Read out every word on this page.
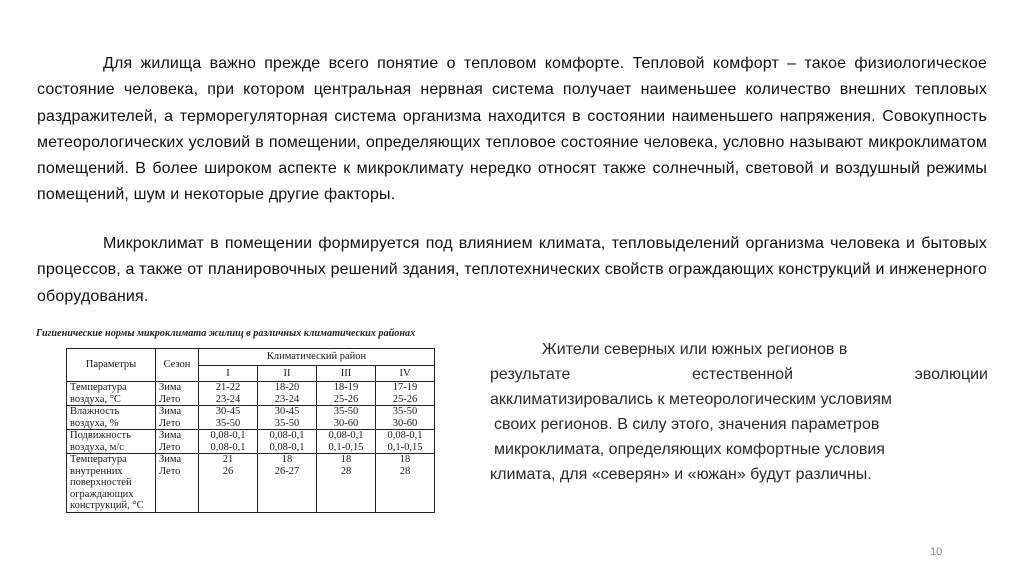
Для жилища важно прежде всего понятие о тепловом комфорте. Тепловой комфорт – такое физиологическое состояние человека, при котором центральная нервная система получает наименьшее количество внешних тепловых раздражителей, а терморегуляторная система организма находится в состоянии наименьшего напряжения. Совокупность метеорологических условий в помещении, определяющих тепловое состояние человека, условно называют микроклиматом помещений. В более широком аспекте к микроклимату нередко относят также солнечный, световой и воздушный режимы помещений, шум и некоторые другие факторы.

Микроклимат в помещении формируется под влиянием климата, тепловыделений организма человека и бытовых процессов, а также от планировочных решений здания, теплотехнических свойств ограждающих конструкций и инженерного оборудования.

Гигиенические нормы микроклимата жилищ в различных климатических районах
Параметры	Сезон	Климатический район			
		I	II	III	IV
Температура	Зима	21-22	18-20	18-19	17-19
воздуха, °С	Лето	23-24	23-24	25-26	25-26
Влажность	Зима	30-45	30-45	35-50	35-50
воздуха, %	Лето	35-50	35-50	30-60	30-60
Подвижность	Зима	0,08-0,1	0,08-0,1	0,08-0,1	0,08-0,1
воздуха, м/с	Лето	0,08-0,1	0,08-0,1	0,1-0,15	0,1-0,15
Температура	Зима	21	18	18	18
внутренних	Лето	26	26-27	28	28
поверхностей					
ограждающих					
конструкций, °С					
Жители северных или южных регионов в
результате	естественной	эволюции
акклиматизировались к метеорологическим условиям
своих регионов. В силу этого, значения параметров
микроклимата, определяющих комфортные условия
климата, для «северян» и «южан» будут различны.
10
